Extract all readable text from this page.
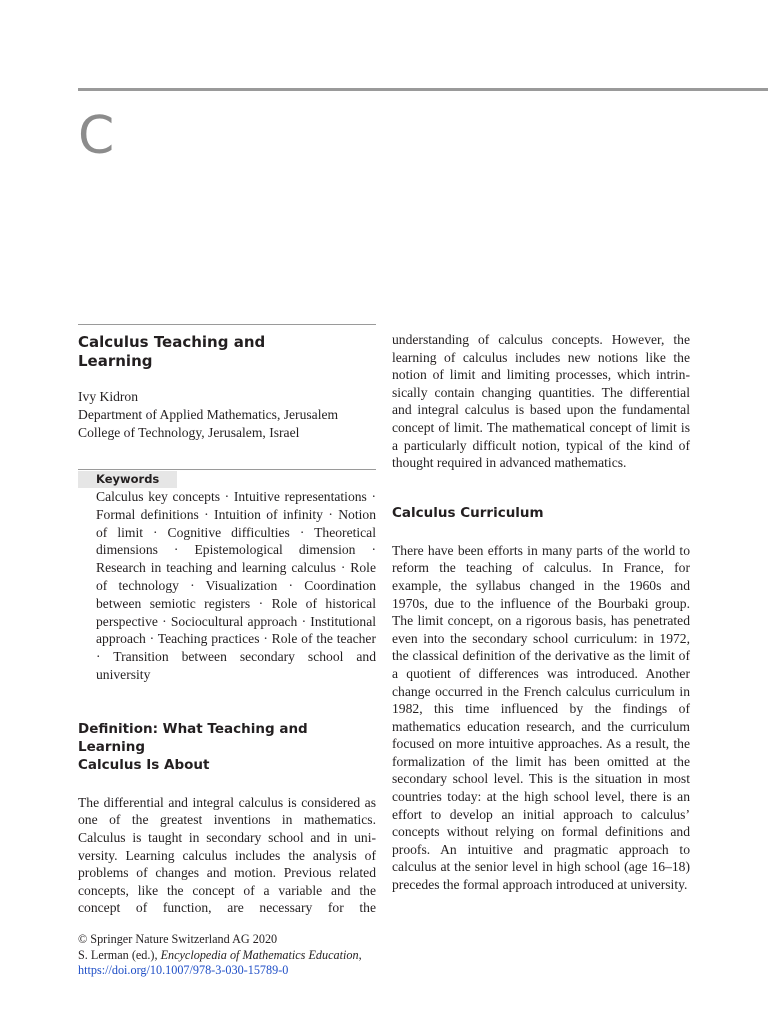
C
Calculus Teaching and
Learning
Ivy Kidron
Department of Applied Mathematics, Jerusalem
College of Technology, Jerusalem, Israel
Keywords
Calculus key concepts · Intuitive representations · Formal definitions · Intuition of infinity · Notion of limit · Cognitive difficulties · Theoretical dimensions · Epistemological dimension · Research in teaching and learning calculus · Role of technology · Visualization · Coordination between semiotic registers · Role of historical perspective · Sociocultural approach · Institutional approach · Teaching practices · Role of the teacher · Transition between secondary school and university
Definition: What Teaching and Learning
Calculus Is About

The differential and integral calculus is considered as one of the greatest inventions in mathematics. Calculus is taught in secondary school and in university. Learning calculus includes the analysis of problems of changes and motion. Previous related concepts, like the concept of a variable and the concept of function, are necessary for the

understanding of calculus concepts. However, the learning of calculus includes new notions like the notion of limit and limiting processes, which intrinsically contain changing quantities. The differential and integral calculus is based upon the fundamental concept of limit. The mathematical concept of limit is a particularly difficult notion, typical of the kind of thought required in advanced mathematics.

Calculus Curriculum

There have been efforts in many parts of the world to reform the teaching of calculus. In France, for example, the syllabus changed in the 1960s and 1970s, due to the influence of the Bourbaki group. The limit concept, on a rigorous basis, has penetrated even into the secondary school curriculum: in 1972, the classical definition of the derivative as the limit of a quotient of differences was introduced. Another change occurred in the French calculus curriculum in 1982, this time influenced by the findings of mathematics education research, and the curriculum focused on more intuitive approaches. As a result, the formalization of the limit has been omitted at the secondary school level. This is the situation in most countries today: at the high school level, there is an effort to develop an initial approach to calculus’ concepts without relying on formal definitions and proofs. An intuitive and pragmatic approach to calculus at the senior level in high school (age 16–18) precedes the formal approach introduced at university.

© Springer Nature Switzerland AG 2020
S. Lerman (ed.), Encyclopedia of Mathematics Education,
https://doi.org/10.1007/978-3-030-15789-0
